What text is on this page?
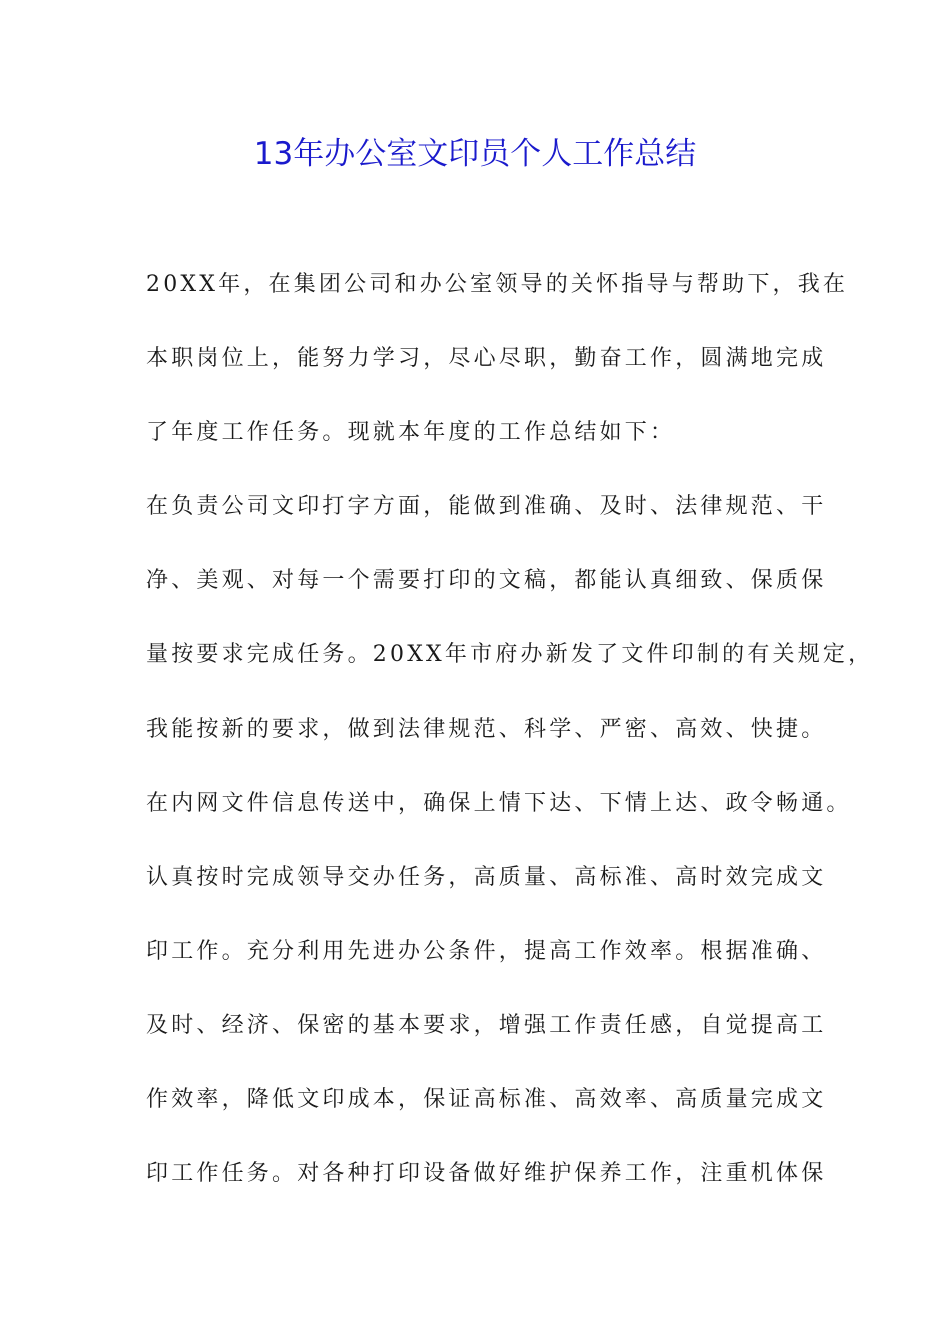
13年办公室文印员个人工作总结
20XX年，在集团公司和办公室领导的关怀指导与帮助下，我在
本职岗位上，能努力学习，尽心尽职，勤奋工作，圆满地完成
了年度工作任务。现就本年度的工作总结如下：
在负责公司文印打字方面，能做到准确、及时、法律规范、干
净、美观、对每一个需要打印的文稿，都能认真细致、保质保
量按要求完成任务。20XX年市府办新发了文件印制的有关规定，
我能按新的要求，做到法律规范、科学、严密、高效、快捷。
在内网文件信息传送中，确保上情下达、下情上达、政令畅通。
认真按时完成领导交办任务，高质量、高标准、高时效完成文
印工作。充分利用先进办公条件，提高工作效率。根据准确、
及时、经济、保密的基本要求，增强工作责任感，自觉提高工
作效率，降低文印成本，保证高标准、高效率、高质量完成文
印工作任务。对各种打印设备做好维护保养工作，注重机体保
